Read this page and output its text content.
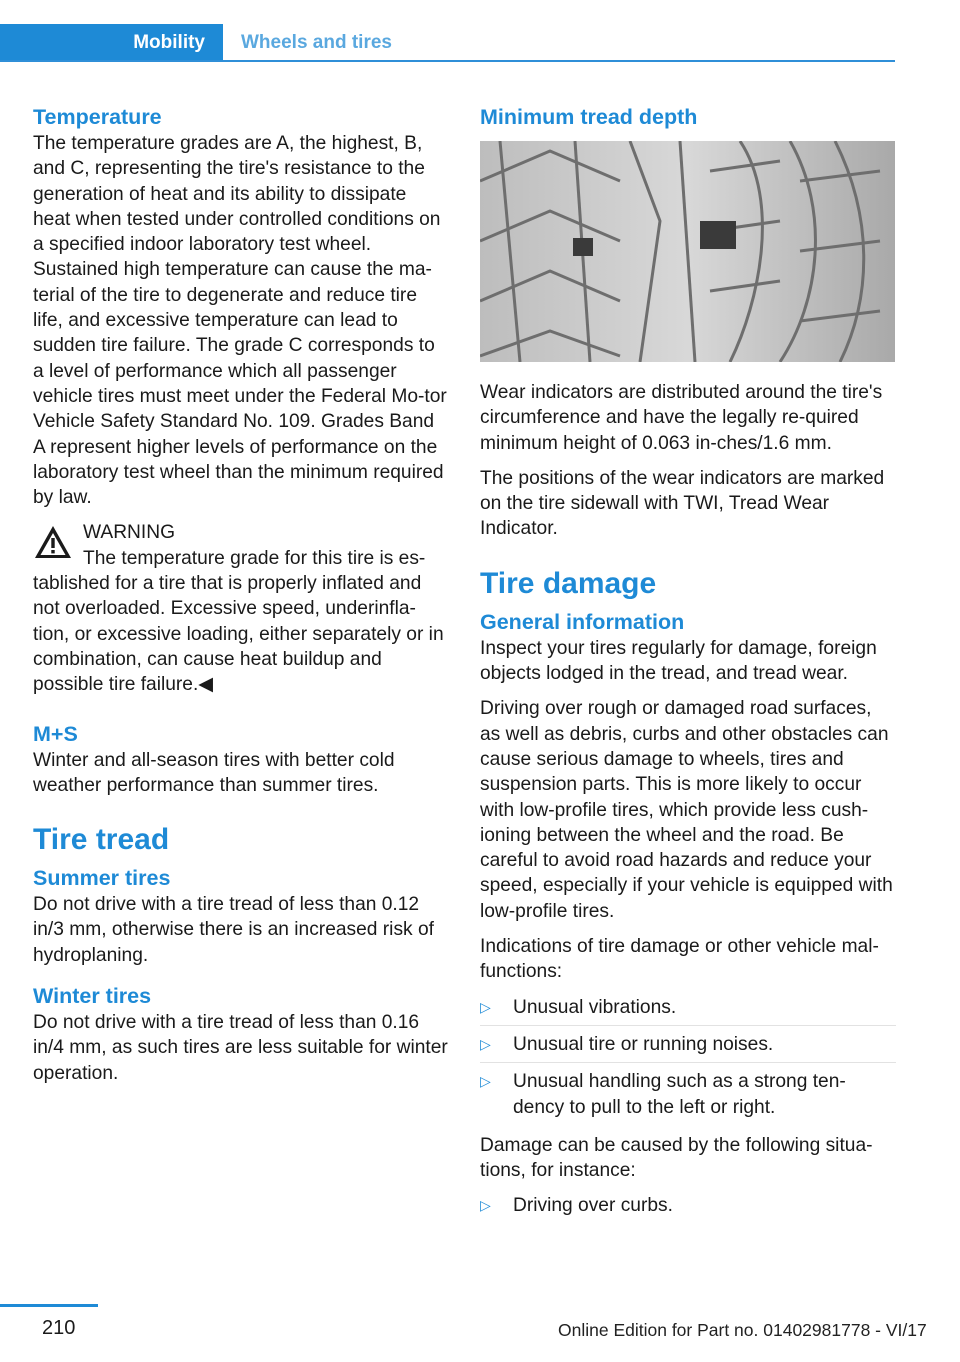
Mobility	Wheels and tires
Temperature

The temperature grades are A, the highest, B, and C, representing the tire's resistance to the generation of heat and its ability to dissipate heat when tested under controlled conditions on a specified indoor laboratory test wheel. Sustained high temperature can cause the ma‐terial of the tire to degenerate and reduce tire life, and excessive temperature can lead to sudden tire failure. The grade C corresponds to a level of performance which all passenger vehicle tires must meet under the Federal Mo‐tor Vehicle Safety Standard No. 109. Grades Band A represent higher levels of performance on the laboratory test wheel than the minimum required by law.

WARNING

The temperature grade for this tire is es‐tablished for a tire that is properly inflated and not overloaded. Excessive speed, underinfla‐tion, or excessive loading, either separately or in combination, can cause heat buildup and possible tire failure.◀

M+S

Winter and all-season tires with better cold weather performance than summer tires.

Tire tread
Summer tires

Do not drive with a tire tread of less than 0.12 in/3 mm, otherwise there is an increased risk of hydroplaning.

Winter tires

Do not drive with a tire tread of less than 0.16 in/4 mm, as such tires are less suitable for winter operation.

Minimum tread depth

Wear indicators are distributed around the tire's circumference and have the legally re‐quired minimum height of 0.063 in‐ches/1.6 mm.

The positions of the wear indicators are marked on the tire sidewall with TWI, Tread Wear Indicator.

Tire damage
General information

Inspect your tires regularly for damage, foreign objects lodged in the tread, and tread wear.

Driving over rough or damaged road surfaces, as well as debris, curbs and other obstacles can cause serious damage to wheels, tires and suspension parts. This is more likely to occur with low-profile tires, which provide less cush‐ioning between the wheel and the road. Be careful to avoid road hazards and reduce your speed, especially if your vehicle is equipped with low-profile tires.

Indications of tire damage or other vehicle mal‐functions:

▷ Unusual vibrations.
▷ Unusual tire or running noises.
▷ Unusual handling such as a strong ten‐dency to pull to the left or right.

Damage can be caused by the following situa‐tions, for instance:

▷ Driving over curbs.
210	Online Edition for Part no. 01402981778 - VI/17
